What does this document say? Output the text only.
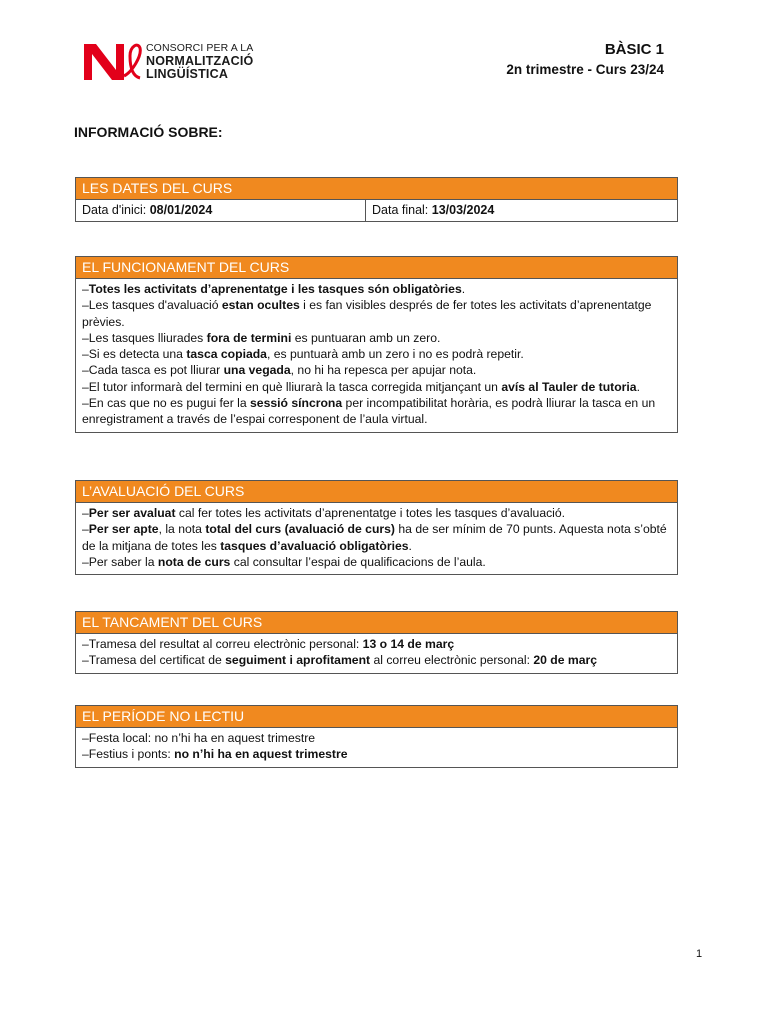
CONSORCI PER A LA
NORMALITZACIÓ
LINGÜÍSTICA
BÀSIC 1
2n trimestre - Curs 23/24
INFORMACIÓ SOBRE:
LES DATES DEL CURS
Data d'inici: 08/01/2024	Data final: 13/03/2024
EL FUNCIONAMENT DEL CURS

–Totes les activitats d’aprenentatge i les tasques són obligatòries.

–Les tasques d'avaluació estan ocultes i es fan visibles després de fer totes les activitats d’aprenentatge prèvies.

–Les tasques lliurades fora de termini es puntuaran amb un zero.

–Si es detecta una tasca copiada, es puntuarà amb un zero i no es podrà repetir.

–Cada tasca es pot lliurar una vegada, no hi ha repesca per apujar nota.

–El tutor informarà del termini en què lliurarà la tasca corregida mitjançant un avís al Tauler de tutoria.

–En cas que no es pugui fer la sessió síncrona per incompatibilitat horària, es podrà lliurar la tasca en un enregistrament a través de l’espai corresponent de l’aula virtual.

L’AVALUACIÓ DEL CURS

–Per ser avaluat cal fer totes les activitats d’aprenentatge i totes les tasques d’avaluació.

–Per ser apte, la nota total del curs (avaluació de curs) ha de ser mínim de 70 punts. Aquesta nota s’obté de la mitjana de totes les tasques d’avaluació obligatòries.

–Per saber la nota de curs cal consultar l’espai de qualificacions de l’aula.

EL TANCAMENT DEL CURS

–Tramesa del resultat al correu electrònic personal: 13 o 14 de març

–Tramesa del certificat de seguiment i aprofitament al correu electrònic personal: 20 de març

EL PERÍODE NO LECTIU

–Festa local: no n’hi ha en aquest trimestre

–Festius i ponts: no n’hi ha en aquest trimestre

1
